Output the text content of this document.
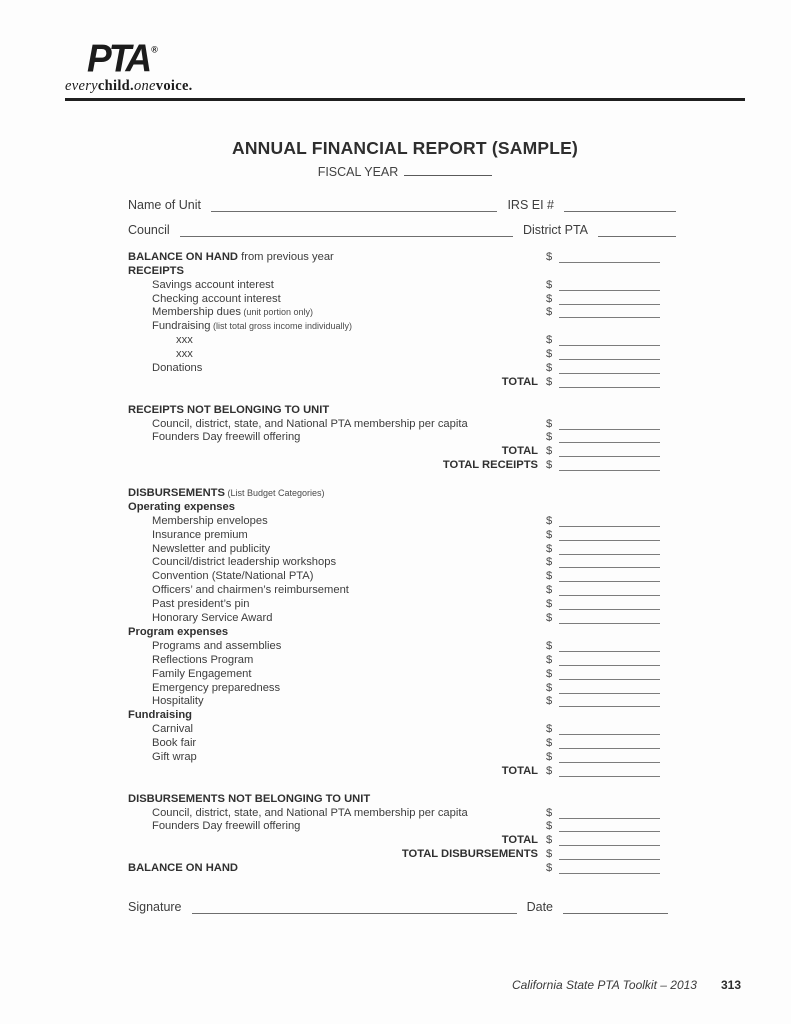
PTA ®
everychild.onevoice.
ANNUAL FINANCIAL REPORT (SAMPLE)
FISCAL YEAR
Name of Unit	IRS EI #
Council	District PTA
BALANCE ON HAND from previous year	$
RECEIPTS
Savings account interest	$
Checking account interest	$
Membership dues (unit portion only)	$
Fundraising (list total gross income individually)
xxx	$
xxx	$
Donations	$
TOTAL $
RECEIPTS NOT BELONGING TO UNIT
Council, district, state, and National PTA membership per capita	$
Founders Day freewill offering	$
TOTAL $
TOTAL RECEIPTS $
DISBURSEMENTS (List Budget Categories)
Operating expenses
Membership envelopes	$
Insurance premium	$
Newsletter and publicity	$
Council/district leadership workshops	$
Convention (State/National PTA)	$
Officers’ and chairmen’s reimbursement	$
Past president’s pin	$
Honorary Service Award	$
Program expenses
Programs and assemblies	$
Reflections Program	$
Family Engagement	$
Emergency preparedness	$
Hospitality	$
Fundraising
Carnival	$
Book fair	$
Gift wrap	$
TOTAL $
DISBURSEMENTS NOT BELONGING TO UNIT
Council, district, state, and National PTA membership per capita	$
Founders Day freewill offering	$
TOTAL $
TOTAL DISBURSEMENTS $
BALANCE ON HAND	$
Signature	Date
California State PTA Toolkit – 2013 313
